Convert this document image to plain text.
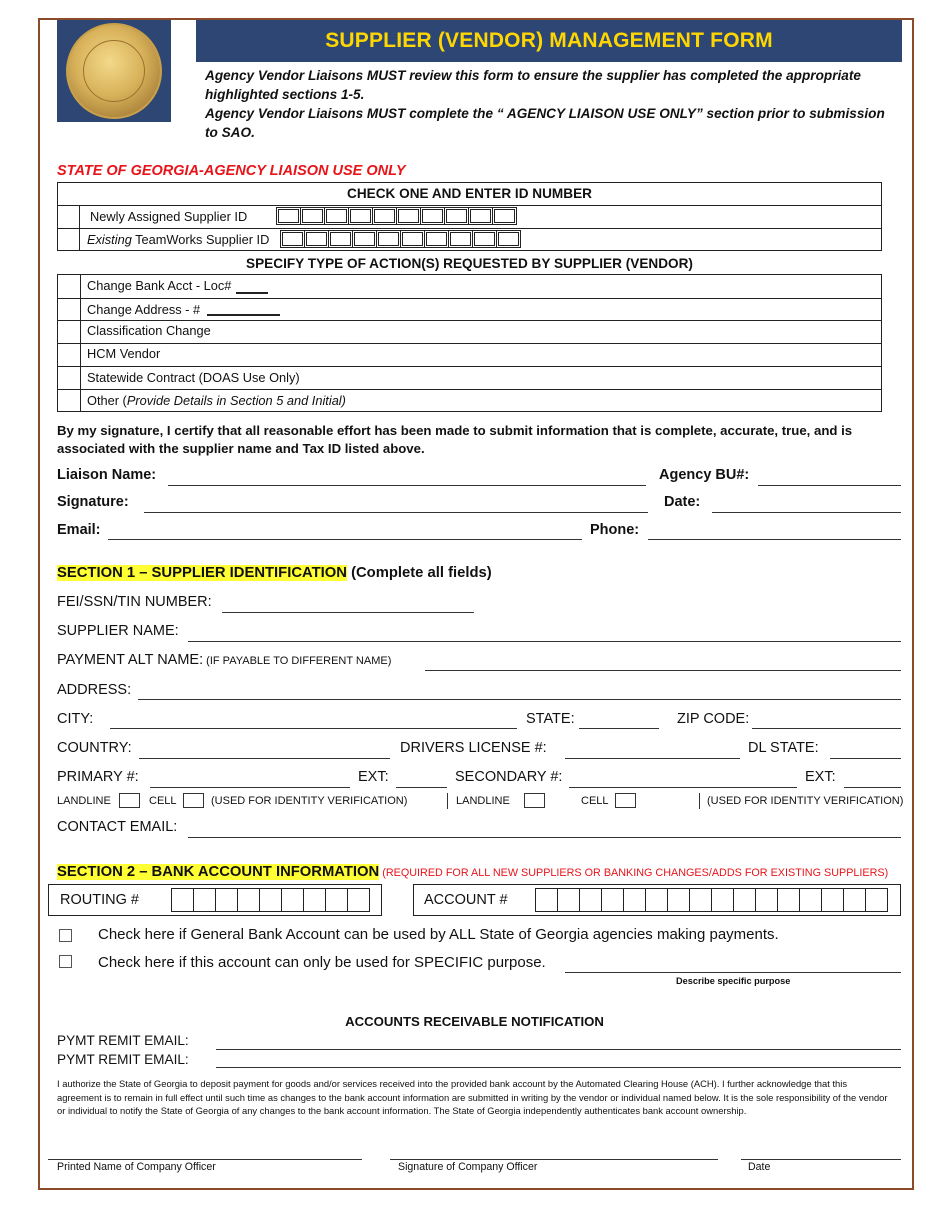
SUPPLIER (VENDOR) MANAGEMENT FORM
Agency Vendor Liaisons MUST review this form to ensure the supplier has completed the appropriate highlighted sections 1-5.
Agency Vendor Liaisons MUST complete the “ AGENCY LIAISON USE ONLY” section prior to submission to SAO.
STATE OF GEORGIA-AGENCY LIAISON USE ONLY
CHECK ONE AND ENTER ID NUMBER
Newly Assigned Supplier ID
Existing TeamWorks Supplier ID
SPECIFY TYPE OF ACTION(S) REQUESTED BY SUPPLIER (VENDOR)
Change Bank Acct - Loc#
Change Address - #
Classification Change
HCM Vendor
Statewide Contract (DOAS Use Only)
Other (Provide Details in Section 5 and Initial)
By my signature, I certify that all reasonable effort has been made to submit information that is complete, accurate, true, and is associated with the supplier name and Tax ID listed above.
Liaison Name:	Agency BU#:
Signature:	Date:
Email:	Phone:
SECTION 1 – SUPPLIER IDENTIFICATION (Complete all fields)
FEI/SSN/TIN NUMBER:
SUPPLIER NAME:
PAYMENT ALT NAME: (IF PAYABLE TO DIFFERENT NAME)
ADDRESS:
CITY:	STATE:	ZIP CODE:
COUNTRY:	DRIVERS LICENSE #:	DL STATE:
PRIMARY #:	EXT:	SECONDARY #:	EXT:
LANDLINE	CELL	(USED FOR IDENTITY VERIFICATION)	LANDLINE	CELL	(USED FOR IDENTITY VERIFICATION)
CONTACT EMAIL:
SECTION 2 – BANK ACCOUNT INFORMATION (REQUIRED FOR ALL NEW SUPPLIERS OR BANKING CHANGES/ADDS FOR EXISTING SUPPLIERS)
ROUTING #	ACCOUNT #
Check here if General Bank Account can be used by ALL State of Georgia agencies making payments.
Check here if this account can only be used for SPECIFIC purpose.
Describe specific purpose
ACCOUNTS RECEIVABLE NOTIFICATION
PYMT REMIT EMAIL:
PYMT REMIT EMAIL:
I authorize the State of Georgia to deposit payment for goods and/or services received into the provided bank account by the Automated Clearing House (ACH). I further acknowledge that this agreement is to remain in full effect until such time as changes to the bank account information are submitted in writing by the vendor or individual named below. It is the sole responsibility of the vendor or individual to notify the State of Georgia of any changes to the bank account information. The State of Georgia independently authenticates bank account ownership.
Printed Name of Company Officer	Signature of Company Officer	Date
